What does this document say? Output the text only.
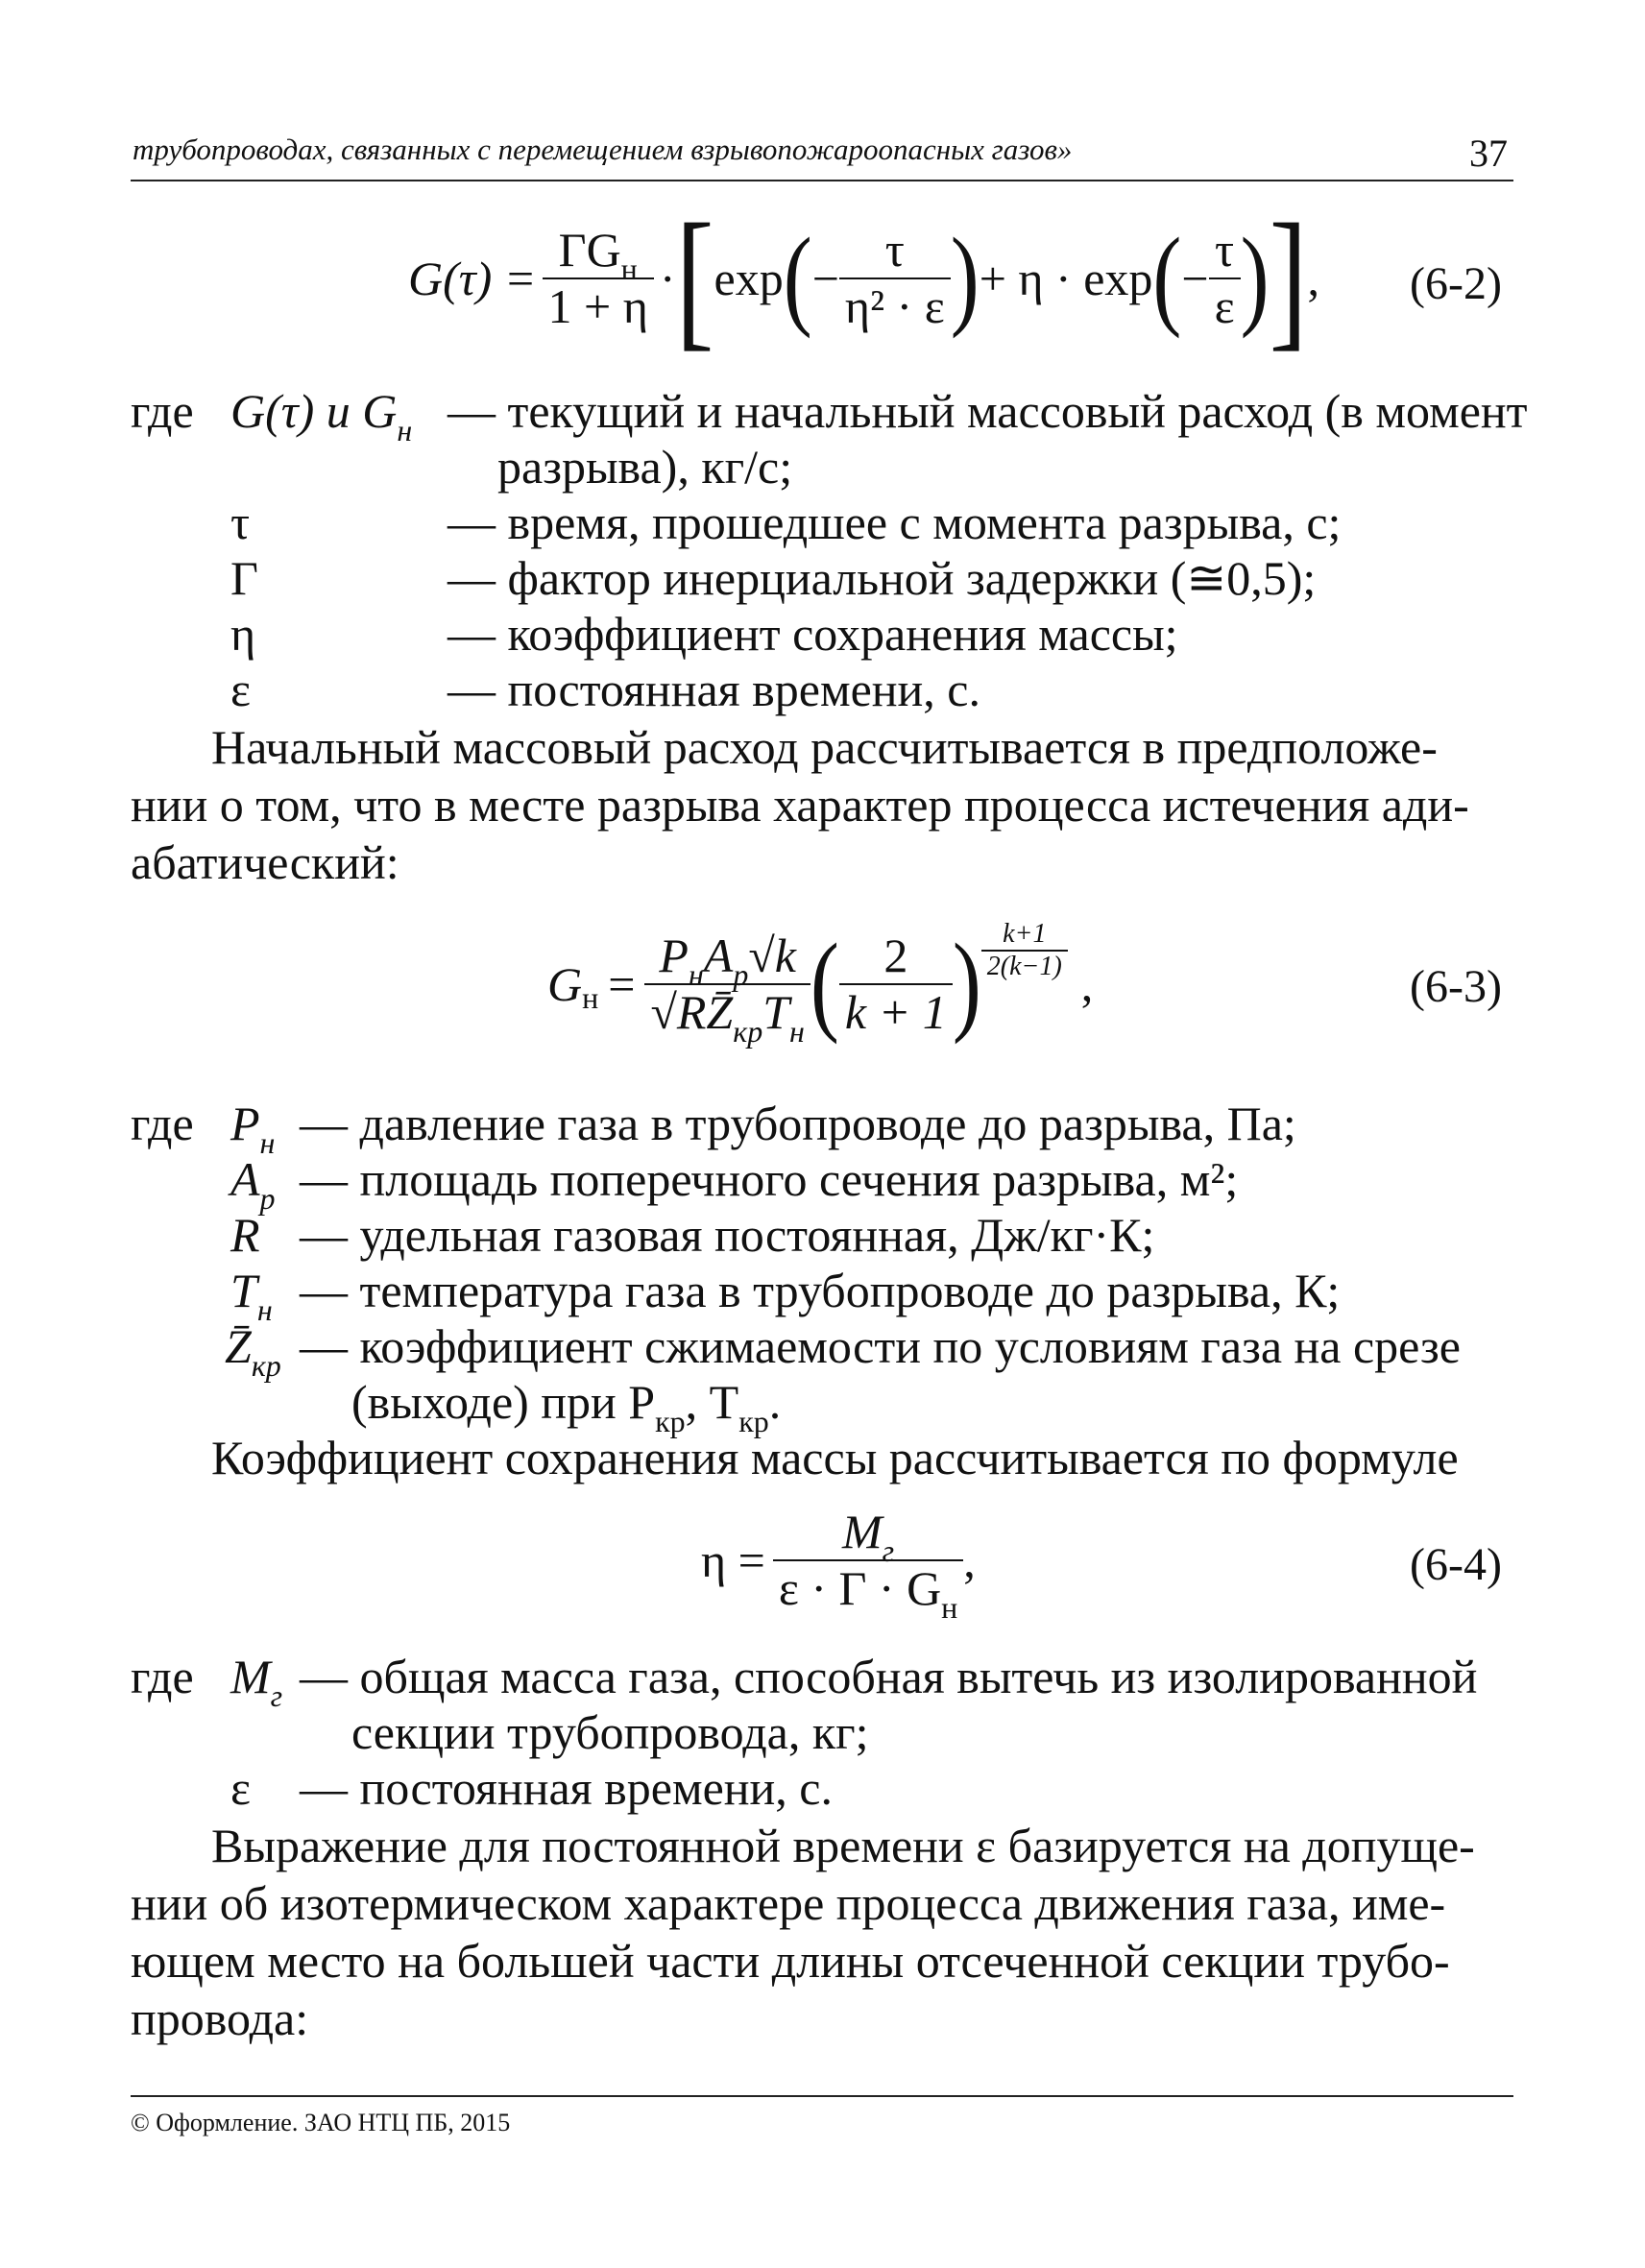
трубопроводах, связанных с перемещением взрывопожароопасных газов»	37
$G(\tau) = \frac{\Gamma G_н}{1 + \eta}$ · [ exp ( − $\frac{\tau}{\text{η² · ε}}$ ) + η · exp ( − $\frac{\tau}{\varepsilon}$ ) ] , (6-2)
где G(τ) и $G_н$ — текущий и начальный массовый расход (в момент
разрыва), кг/с;
τ	— время, прошедшее с момента разрыва, с;
Γ	— фактор инерциальной задержки (≅0,5);
η	— коэффициент сохранения массы;
ε	— постоянная времени, с.
Начальный массовый расход рассчитывается в предположе-
нии о том, что в месте разрыва характер процесса истечения ади-
абатический:
G $н = \frac{P_нA_р√k}{√RZ̄_{кр}T_н}$ ( $\frac{2}{k + 1}$ ) $\frac{k+1}{2(k-1)}$
,	(6-3)
где $P_н$ — давление газа в трубопроводе до разрыва, Па;
$A_р$ — площадь поперечного сечения разрыва, м²;
R — удельная газовая постоянная, Дж/кг·К;
$T_н$ — температура газа в трубопроводе до разрыва, К;
$Z̄_{кр}$ — коэффициент сжимаемости по условиям газа на срезе
(выходе) при $P_{кр}$, $T_{кр}$.
Коэффициент сохранения массы рассчитывается по формуле
$\eta = \frac{M_г}{\varepsilon \cdot \Gamma \cdot G_н}$ ,	(6-4)
где $M_г$ — общая масса газа, способная вытечь из изолированной
секции трубопровода, кг;
ε — постоянная времени, с.
Выражение для постоянной времени ε базируется на допуще-
нии об изотермическом характере процесса движения газа, име-
ющем место на большей части длины отсеченной секции трубо-
провода:
© Оформление. ЗАО НТЦ ПБ, 2015
